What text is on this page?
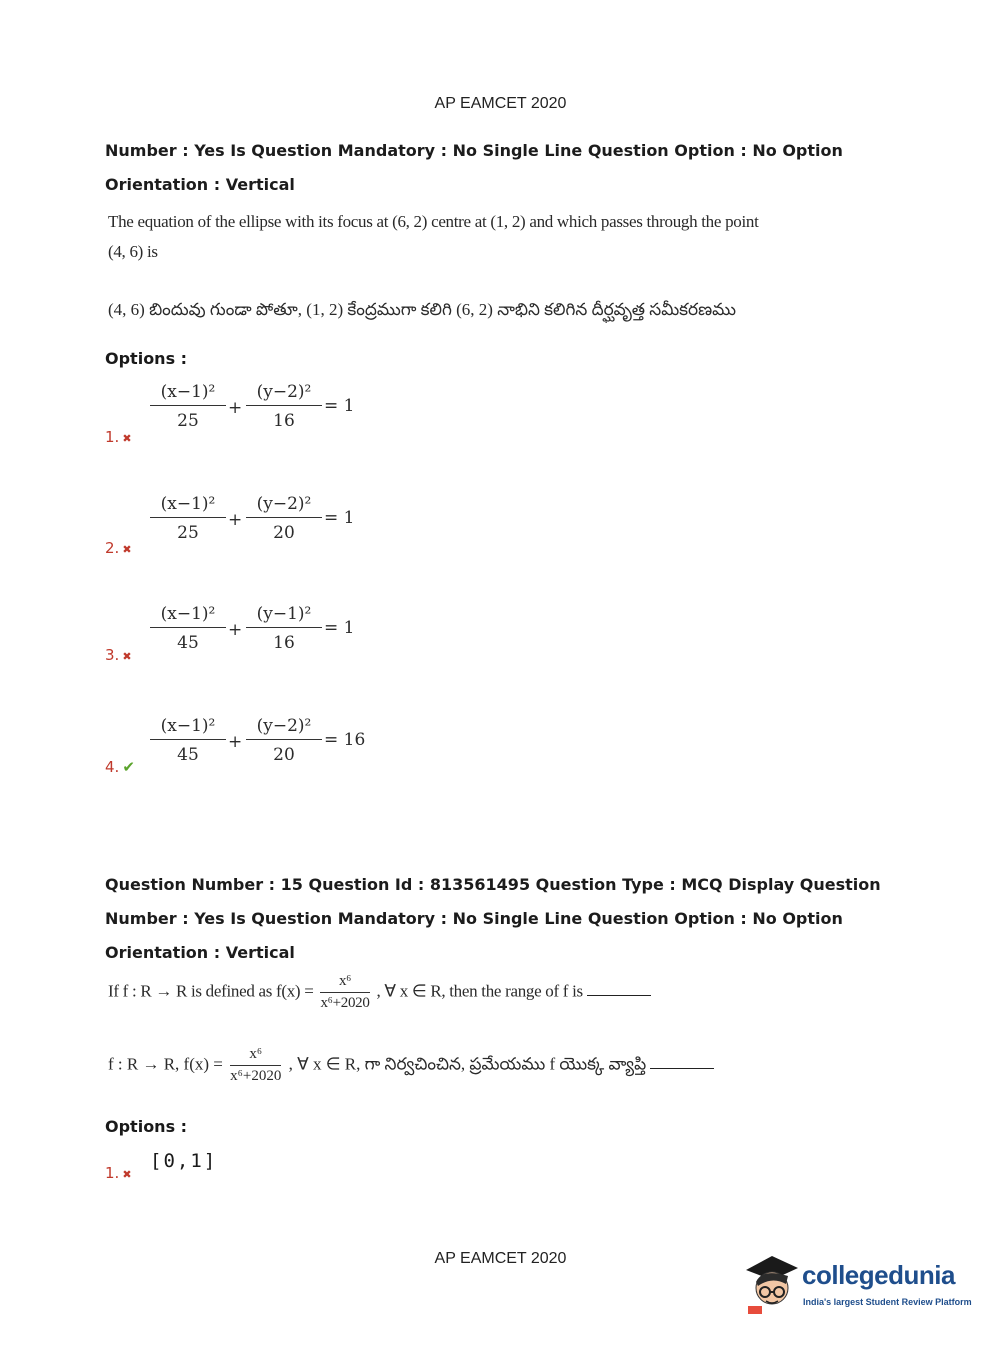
AP EAMCET 2020
Number : Yes Is Question Mandatory : No Single Line Question Option : No Option
Orientation : Vertical
The equation of the ellipse with its focus at (6, 2) centre at (1, 2) and which passes through the point
(4, 6) is
(4, 6) బిందువు గుండా పోతూ, (1, 2) కేంద్రముగా కలిగి (6, 2) నాభిని కలిగిన దీర్ఘవృత్త సమీకరణము
Options :
1. ✖
(x−1)²
25
+
(y−2)²
16
= 1
2. ✖
(x−1)²
25
+
(y−2)²
20
= 1
3. ✖
(x−1)²
45
+
(y−1)²
16
= 1
4. ✔
(x−1)²
45
+
(y−2)²
20
= 16
Question Number : 15 Question Id : 813561495 Question Type : MCQ Display Question
Number : Yes Is Question Mandatory : No Single Line Question Option : No Option
Orientation : Vertical
If f : R → R is defined as $f(x) = \frac{\text{x⁶}}{\text{x⁶+2020}}$ , ∀ x ∈ R, then the range of f is
f : R → R, $f(x) = \frac{\text{x⁶}}{\text{x⁶+2020}}$ , ∀ x ∈ R, గా నిర్వచించిన, ప్రమేయము f యొక్క వ్యాప్తి
Options :
1. ✖
[0,1]
AP EAMCET 2020
collegedunia
India's largest Student Review Platform
